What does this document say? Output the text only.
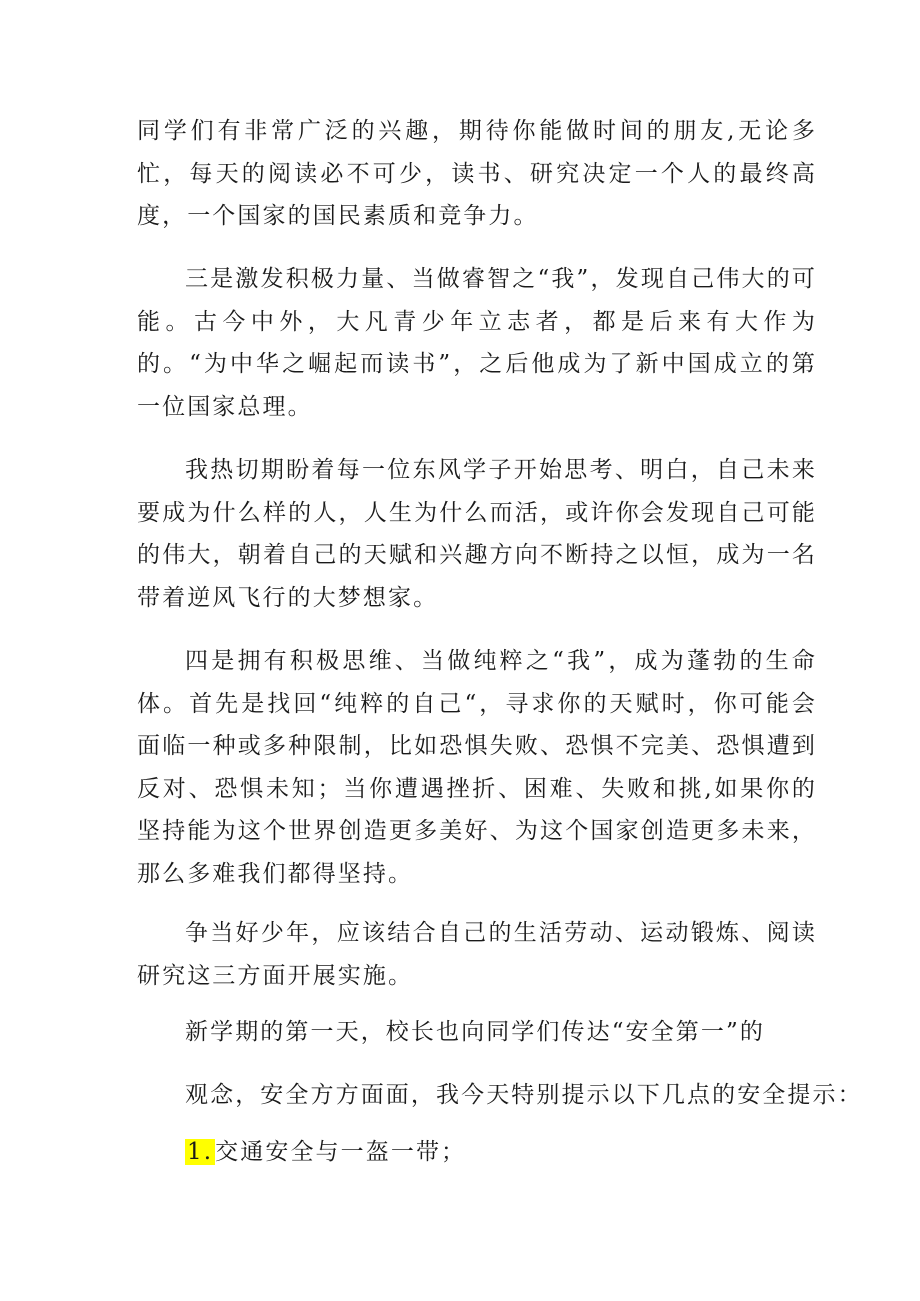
同学们有非常广泛的兴趣，期待你能做时间的朋友,无论多忙，每天的阅读必不可少，读书、研究决定一个人的最终高度，一个国家的国民素质和竞争力。

三是激发积极力量、当做睿智之“我”，发现自己伟大的可能。古今中外，大凡青少年立志者，都是后来有大作为的。“为中华之崛起而读书”，之后他成为了新中国成立的第一位国家总理。

我热切期盼着每一位东风学子开始思考、明白，自己未来要成为什么样的人，人生为什么而活，或许你会发现自己可能的伟大，朝着自己的天赋和兴趣方向不断持之以恒，成为一名带着逆风飞行的大梦想家。

四是拥有积极思维、当做纯粹之“我”，成为蓬勃的生命体。首先是找回“纯粹的自己“，寻求你的天赋时，你可能会面临一种或多种限制，比如恐惧失败、恐惧不完美、恐惧遭到反对、恐惧未知；当你遭遇挫折、困难、失败和挑,如果你的坚持能为这个世界创造更多美好、为这个国家创造更多未来，那么多难我们都得坚持。

争当好少年，应该结合自己的生活劳动、运动锻炼、阅读研究这三方面开展实施。

新学期的第一天，校长也向同学们传达“安全第一”的

观念，安全方方面面，我今天特别提示以下几点的安全提示：

1.交通安全与一盔一带；
